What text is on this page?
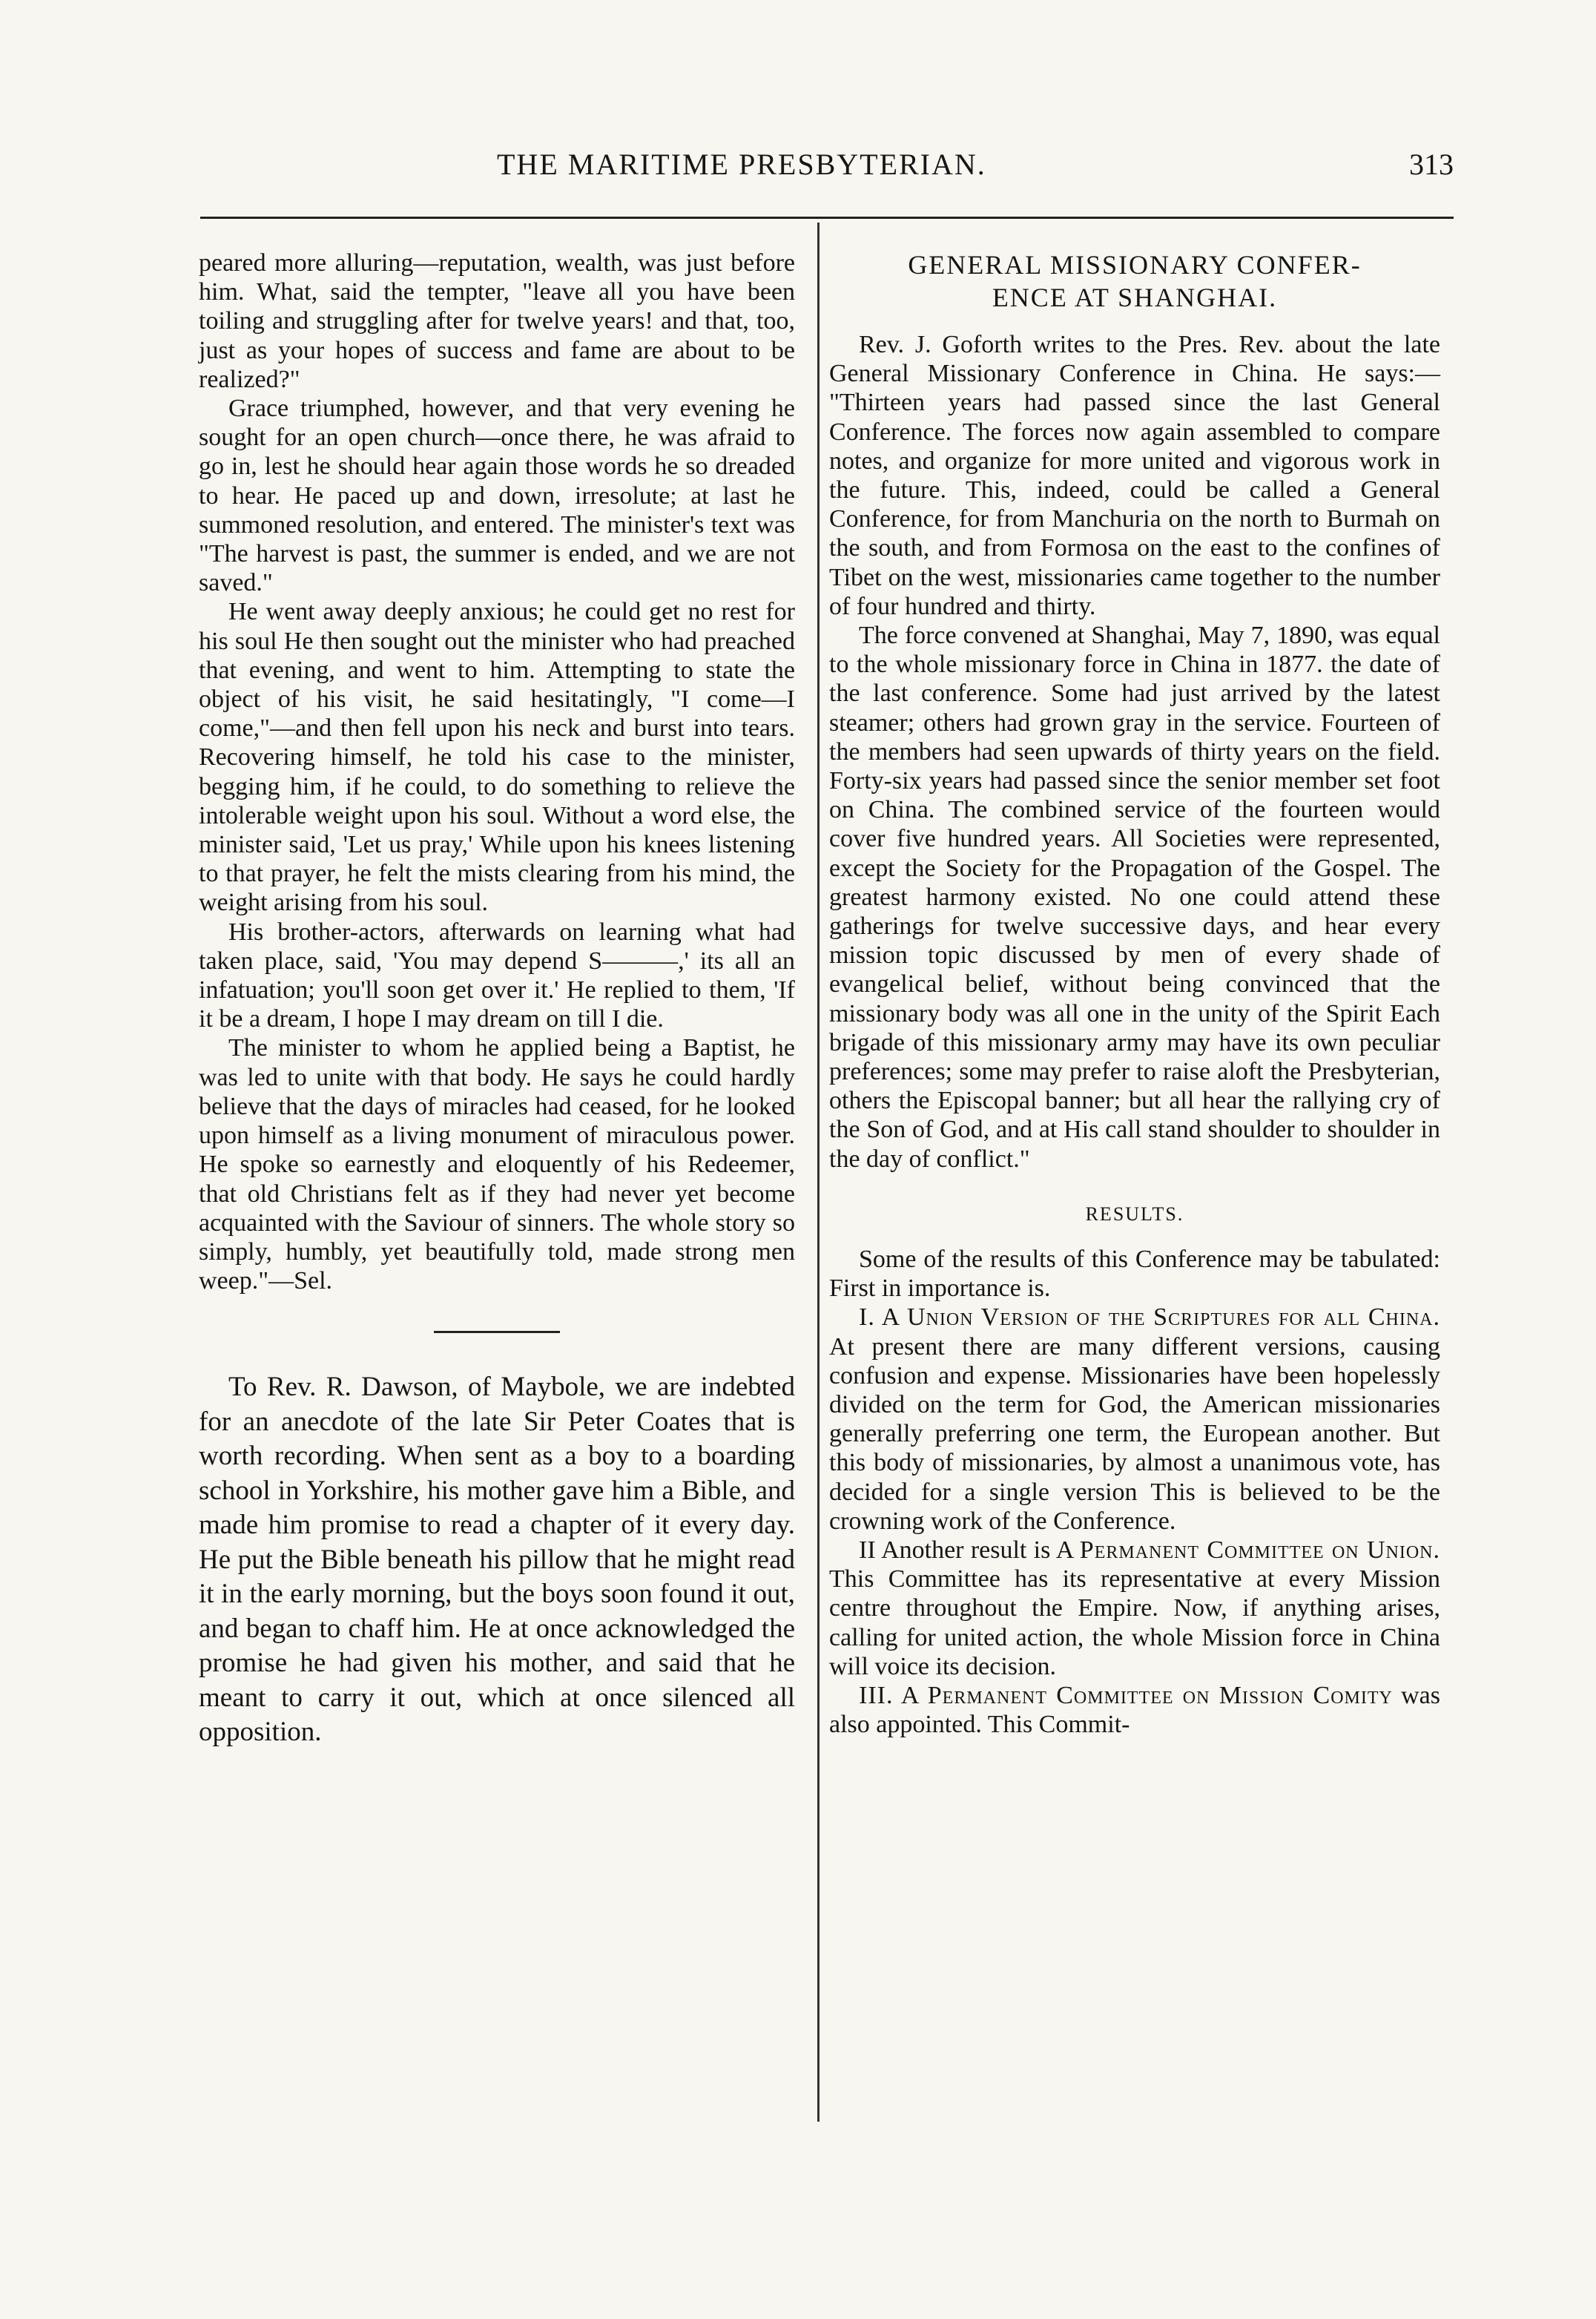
THE MARITIME PRESBYTERIAN.	313

peared more alluring—reputation, wealth, was just before him. What, said the tempter, "leave all you have been toiling and struggling after for twelve years! and that, too, just as your hopes of success and fame are about to be realized?"

Grace triumphed, however, and that very evening he sought for an open church—once there, he was afraid to go in, lest he should hear again those words he so dreaded to hear. He paced up and down, irresolute; at last he summoned resolution, and entered. The minister's text was "The harvest is past, the summer is ended, and we are not saved."

He went away deeply anxious; he could get no rest for his soul He then sought out the minister who had preached that evening, and went to him. Attempting to state the object of his visit, he said hesitatingly, "I come—I come,"—and then fell upon his neck and burst into tears. Recovering himself, he told his case to the minister, begging him, if he could, to do something to relieve the intolerable weight upon his soul. Without a word else, the minister said, 'Let us pray,' While upon his knees listening to that prayer, he felt the mists clearing from his mind, the weight arising from his soul.

His brother-actors, afterwards on learning what had taken place, said, 'You may depend S———,' its all an infatuation; you'll soon get over it.' He replied to them, 'If it be a dream, I hope I may dream on till I die.

The minister to whom he applied being a Baptist, he was led to unite with that body. He says he could hardly believe that the days of miracles had ceased, for he looked upon himself as a living monument of miraculous power. He spoke so earnestly and eloquently of his Redeemer, that old Christians felt as if they had never yet become acquainted with the Saviour of sinners. The whole story so simply, humbly, yet beautifully told, made strong men weep."—Sel.

To Rev. R. Dawson, of Maybole, we are indebted for an anecdote of the late Sir Peter Coates that is worth recording. When sent as a boy to a boarding school in Yorkshire, his mother gave him a Bible, and made him promise to read a chapter of it every day. He put the Bible beneath his pillow that he might read it in the early morning, but the boys soon found it out, and began to chaff him. He at once acknowledged the promise he had given his mother, and said that he meant to carry it out, which at once silenced all opposition.

GENERAL MISSIONARY CONFER-
ENCE AT SHANGHAI.

Rev. J. Goforth writes to the Pres. Rev. about the late General Missionary Conference in China. He says:— "Thirteen years had passed since the last General Conference. The forces now again assembled to compare notes, and organize for more united and vigorous work in the future. This, indeed, could be called a General Conference, for from Manchuria on the north to Burmah on the south, and from Formosa on the east to the confines of Tibet on the west, missionaries came together to the number of four hundred and thirty.

The force convened at Shanghai, May 7, 1890, was equal to the whole missionary force in China in 1877. the date of the last conference. Some had just arrived by the latest steamer; others had grown gray in the service. Fourteen of the members had seen upwards of thirty years on the field. Forty-six years had passed since the senior member set foot on China. The combined service of the fourteen would cover five hundred years. All Societies were represented, except the Society for the Propagation of the Gospel. The greatest harmony existed. No one could attend these gatherings for twelve successive days, and hear every mission topic discussed by men of every shade of evangelical belief, without being convinced that the missionary body was all one in the unity of the Spirit Each brigade of this missionary army may have its own peculiar preferences; some may prefer to raise aloft the Presbyterian, others the Episcopal banner; but all hear the rallying cry of the Son of God, and at His call stand shoulder to shoulder in the day of conflict."

RESULTS.

Some of the results of this Conference may be tabulated: First in importance is.

I. A Union Version of the Scriptures for all China. At present there are many different versions, causing confusion and expense. Missionaries have been hopelessly divided on the term for God, the American missionaries generally preferring one term, the European another. But this body of missionaries, by almost a unanimous vote, has decided for a single version This is believed to be the crowning work of the Conference.

II Another result is A Permanent Committee on Union. This Committee has its representative at every Mission centre throughout the Empire. Now, if anything arises, calling for united action, the whole Mission force in China will voice its decision.

III. A Permanent Committee on Mission Comity was also appointed. This Commit-
